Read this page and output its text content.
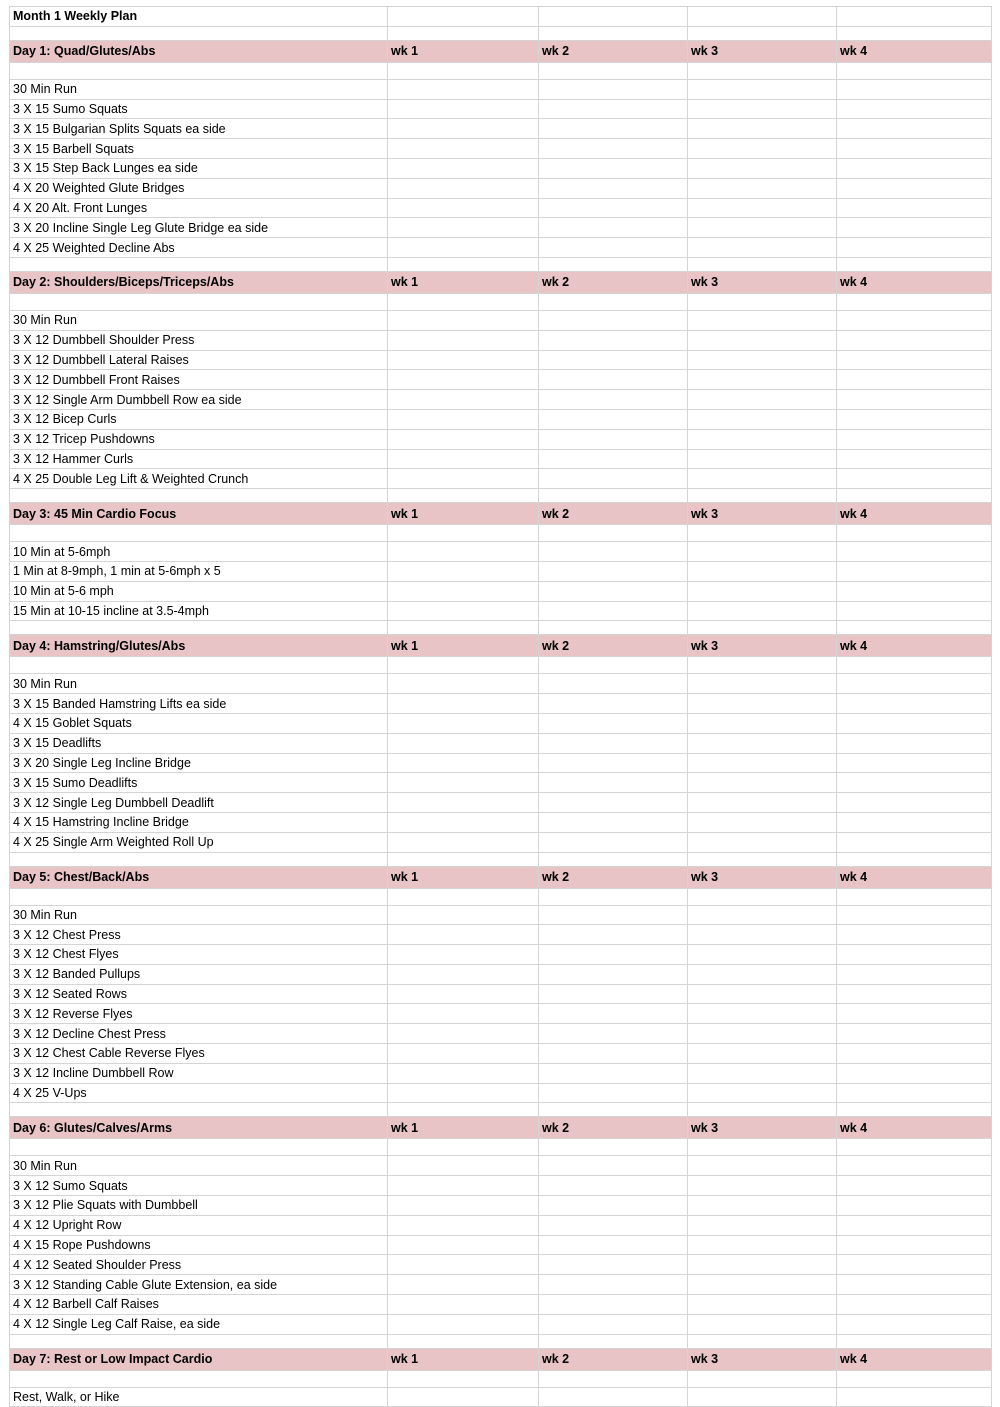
Month 1 Weekly Plan				

Day 1: Quad/Glutes/Abs	wk 1	wk 2	wk 3	wk 4

30 Min Run				
3 X 15 Sumo Squats				
3 X 15 Bulgarian Splits Squats ea side				
3 X 15 Barbell Squats				
3 X 15 Step Back Lunges ea side				
4 X 20 Weighted Glute Bridges				
4 X 20 Alt. Front Lunges				
3 X 20 Incline Single Leg Glute Bridge ea side				
4 X 25 Weighted Decline Abs				

Day 2: Shoulders/Biceps/Triceps/Abs	wk 1	wk 2	wk 3	wk 4

30 Min Run				
3 X 12 Dumbbell Shoulder Press				
3 X 12 Dumbbell Lateral Raises				
3 X 12 Dumbbell Front Raises				
3 X 12 Single Arm Dumbbell Row ea side				
3 X 12 Bicep Curls				
3 X 12 Tricep Pushdowns				
3 X 12 Hammer Curls				
4 X 25 Double Leg Lift & Weighted Crunch				

Day 3: 45 Min Cardio Focus	wk 1	wk 2	wk 3	wk 4

10 Min at 5-6mph				
1 Min at 8-9mph, 1 min at 5-6mph x 5				
10 Min at 5-6 mph				
15 Min at 10-15 incline at 3.5-4mph				

Day 4: Hamstring/Glutes/Abs	wk 1	wk 2	wk 3	wk 4

30 Min Run				
3 X 15 Banded Hamstring Lifts ea side				
4 X 15 Goblet Squats				
3 X 15 Deadlifts				
3 X 20 Single Leg Incline Bridge				
3 X 15 Sumo Deadlifts				
3 X 12 Single Leg Dumbbell Deadlift				
4 X 15 Hamstring Incline Bridge				
4 X 25 Single Arm Weighted Roll Up				

Day 5: Chest/Back/Abs	wk 1	wk 2	wk 3	wk 4

30 Min Run				
3 X 12 Chest Press				
3 X 12 Chest Flyes				
3 X 12 Banded Pullups				
3 X 12 Seated Rows				
3 X 12 Reverse Flyes				
3 X 12 Decline Chest Press				
3 X 12 Chest Cable Reverse Flyes				
3 X 12 Incline Dumbbell Row				
4 X 25 V-Ups				

Day 6: Glutes/Calves/Arms	wk 1	wk 2	wk 3	wk 4

30 Min Run				
3 X 12 Sumo Squats				
3 X 12 Plie Squats with Dumbbell				
4 X 12 Upright Row				
4 X 15 Rope Pushdowns				
4 X 12 Seated Shoulder Press				
3 X 12 Standing Cable Glute Extension, ea side				
4 X 12 Barbell Calf Raises				
4 X 12 Single Leg Calf Raise, ea side				

Day 7: Rest or Low Impact Cardio	wk 1	wk 2	wk 3	wk 4

Rest, Walk, or Hike				
